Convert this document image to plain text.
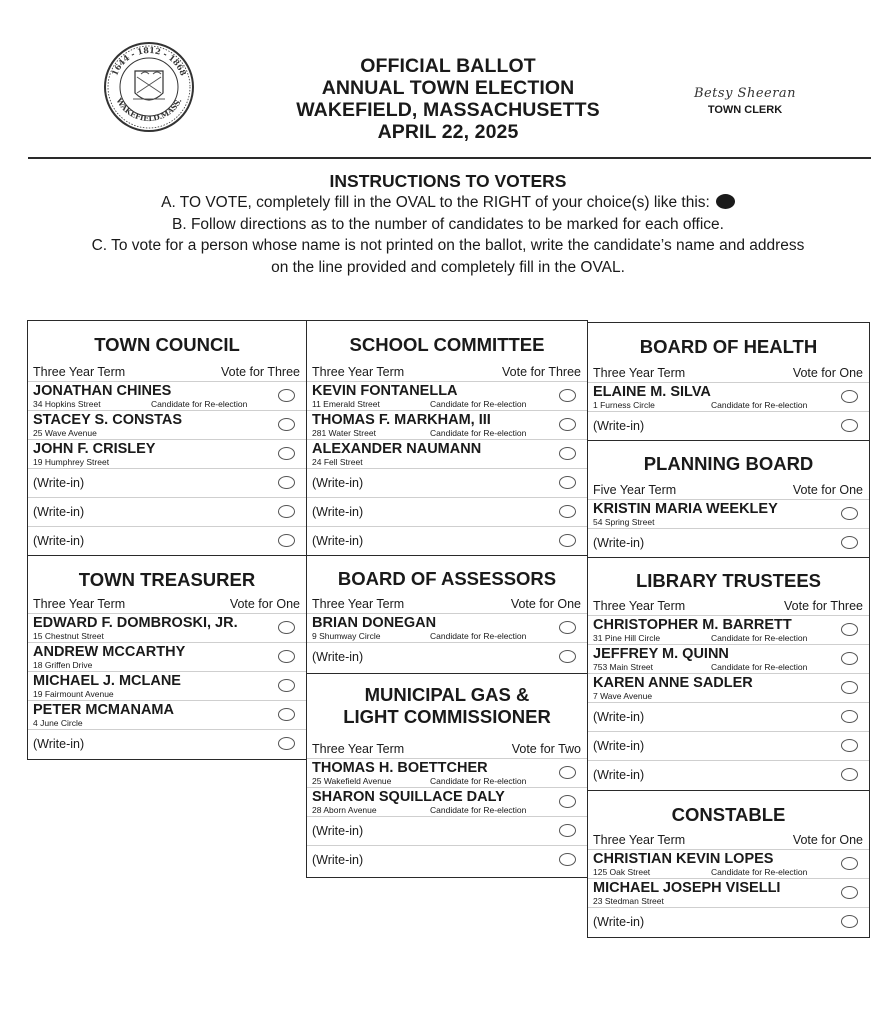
1644 - 1812 - 1868
WAKEFIELD.MASS.
OFFICIAL BALLOT
ANNUAL TOWN ELECTION
WAKEFIELD, MASSACHUSETTS
APRIL 22, 2025
Betsy Sheeran
TOWN CLERK
INSTRUCTIONS TO VOTERS
A. TO VOTE, completely fill in the OVAL to the RIGHT of your choice(s) like this:
B. Follow directions as to the number of candidates to be marked for each office.
C. To vote for a person whose name is not printed on the ballot, write the candidate’s name and address
on the line provided and completely fill in the OVAL.
TOWN COUNCIL
Three Year Term	Vote for Three
JONATHAN CHINES
34 Hopkins Street	Candidate for Re-election
STACEY S. CONSTAS
25 Wave Avenue
JOHN F. CRISLEY
19 Humphrey Street
(Write-in)
(Write-in)
(Write-in)
TOWN TREASURER
Three Year Term	Vote for One
EDWARD F. DOMBROSKI, JR.
15 Chestnut Street
ANDREW MCCARTHY
18 Griffen Drive
MICHAEL J. MCLANE
19 Fairmount Avenue
PETER MCMANAMA
4 June Circle
(Write-in)
SCHOOL COMMITTEE
Three Year Term	Vote for Three
KEVIN FONTANELLA
11 Emerald Street	Candidate for Re-election
THOMAS F. MARKHAM, III
281 Water Street	Candidate for Re-election
ALEXANDER NAUMANN
24 Fell Street
(Write-in)
(Write-in)
(Write-in)
BOARD OF ASSESSORS
Three Year Term	Vote for One
BRIAN DONEGAN
9 Shumway Circle	Candidate for Re-election
(Write-in)
MUNICIPAL GAS &
LIGHT COMMISSIONER
Three Year Term	Vote for Two
THOMAS H. BOETTCHER
25 Wakefield Avenue	Candidate for Re-election
SHARON SQUILLACE DALY
28 Aborn Avenue	Candidate for Re-election
(Write-in)
(Write-in)
BOARD OF HEALTH
Three Year Term	Vote for One
ELAINE M. SILVA
1 Furness Circle	Candidate for Re-election
(Write-in)
PLANNING BOARD
Five Year Term	Vote for One
KRISTIN MARIA WEEKLEY
54 Spring Street
(Write-in)
LIBRARY TRUSTEES
Three Year Term	Vote for Three
CHRISTOPHER M. BARRETT
31 Pine Hill Circle	Candidate for Re-election
JEFFREY M. QUINN
753 Main Street	Candidate for Re-election
KAREN ANNE SADLER
7 Wave Avenue
(Write-in)
(Write-in)
(Write-in)
CONSTABLE
Three Year Term	Vote for One
CHRISTIAN KEVIN LOPES
125 Oak Street	Candidate for Re-election
MICHAEL JOSEPH VISELLI
23 Stedman Street
(Write-in)
